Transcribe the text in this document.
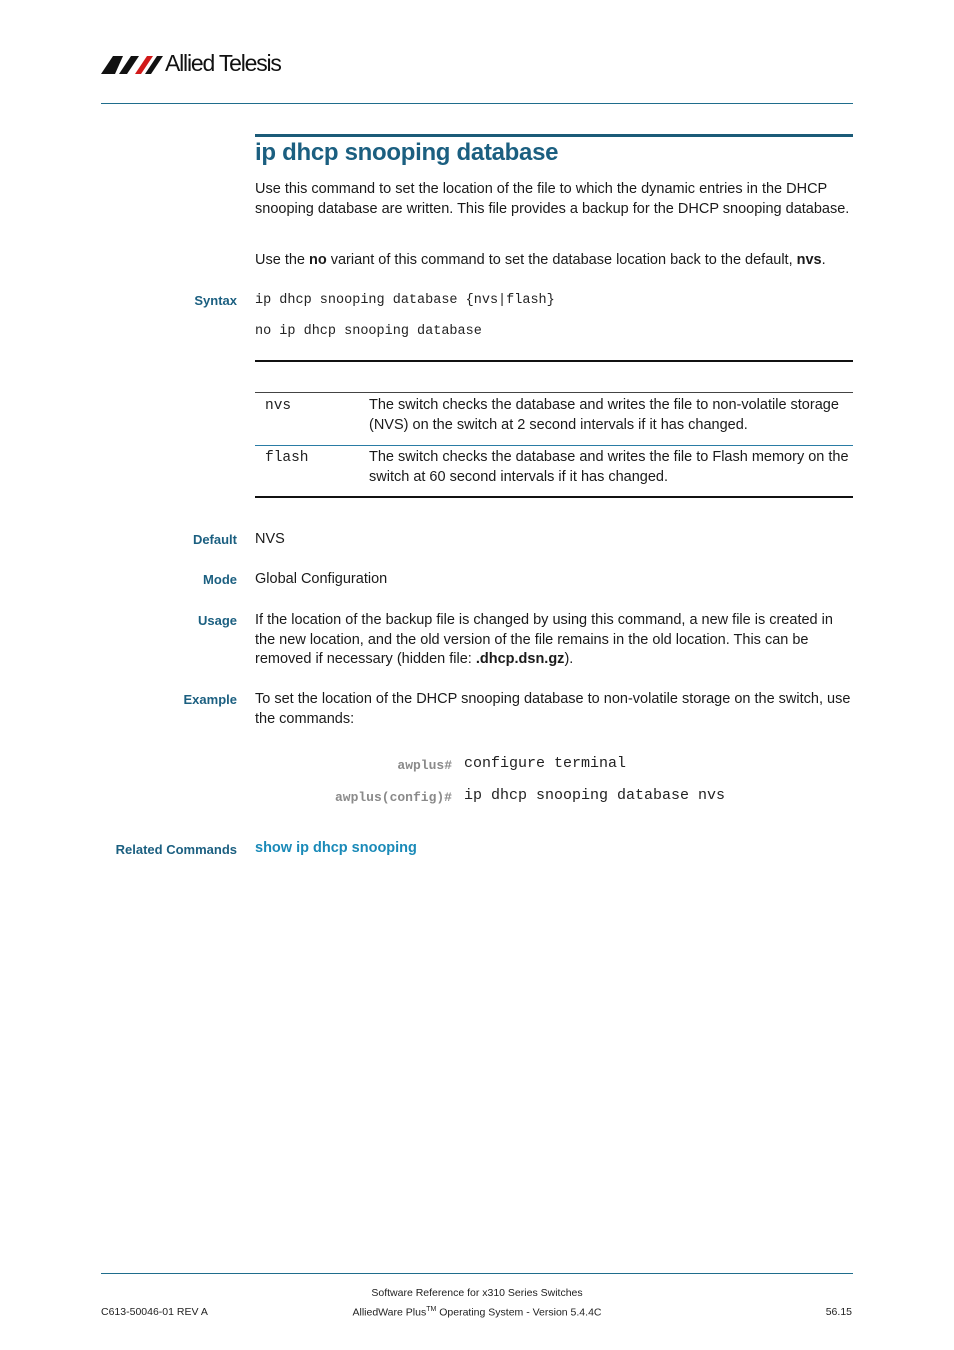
Allied Telesis
ip dhcp snooping database
Use this command to set the location of the file to which the dynamic entries in the DHCP snooping database are written. This file provides a backup for the DHCP snooping database.
Use the no variant of this command to set the database location back to the default, nvs.
Syntax ip dhcp snooping database {nvs|flash}
no ip dhcp snooping database
nvs	The switch checks the database and writes the file to non-volatile storage (NVS) on the switch at 2 second intervals if it has changed.
flash	The switch checks the database and writes the file to Flash memory on the switch at 60 second intervals if it has changed.
Default NVS
Mode Global Configuration
Usage If the location of the backup file is changed by using this command, a new file is created in the new location, and the old version of the file remains in the old location. This can be removed if necessary (hidden file: .dhcp.dsn.gz).
Example To set the location of the DHCP snooping database to non-volatile storage on the switch, use the commands:
awplus# configure terminal
awplus(config)# ip dhcp snooping database nvs
Related Commands show ip dhcp snooping
Software Reference for x310 Series Switches
C613-50046-01 REV A	AlliedWare Plus™ Operating System - Version 5.4.4C	56.15
